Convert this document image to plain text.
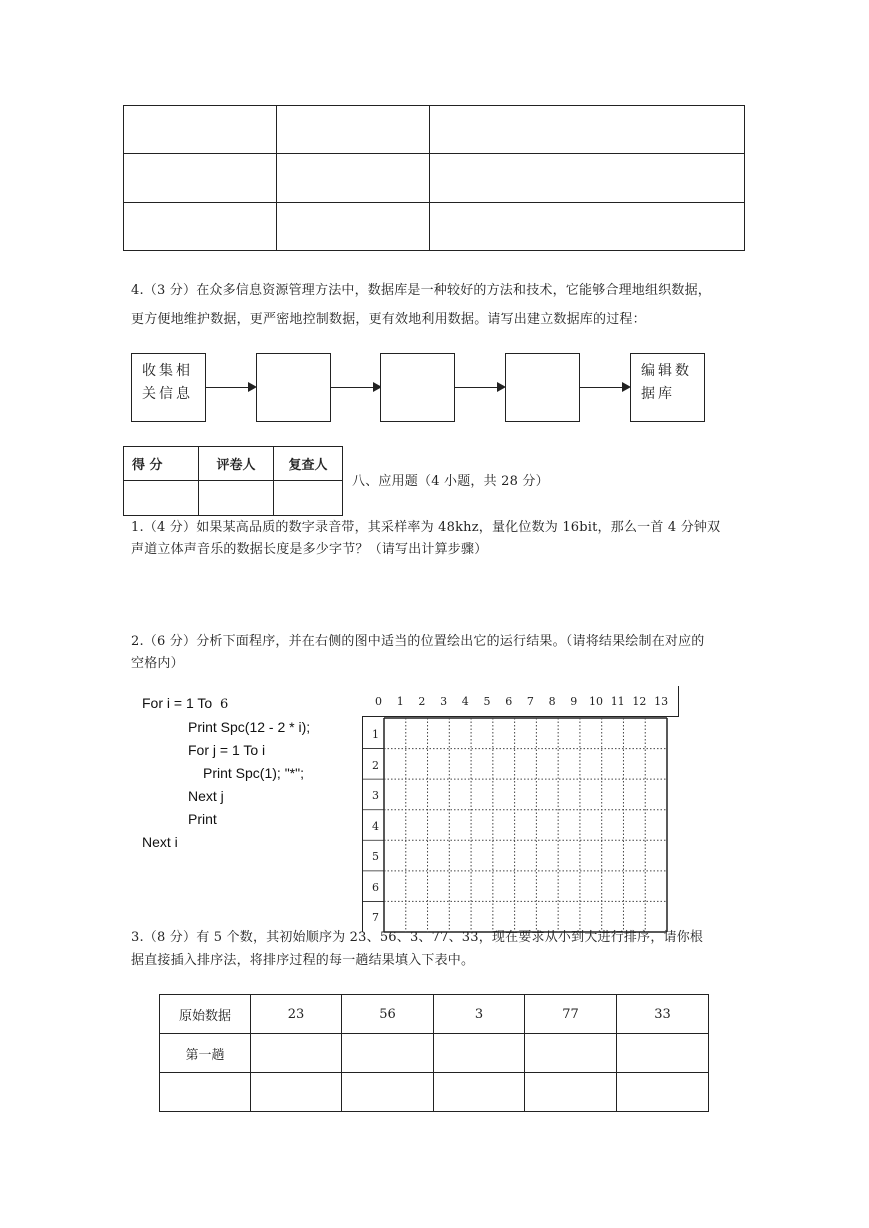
4.（3 分）在众多信息资源管理方法中，数据库是一种较好的方法和技术，它能够合理地组织数据，
更方便地维护数据，更严密地控制数据，更有效地利用数据。请写出建立数据库的过程：
收集相关信息
编辑数据库
得 分	评卷人	复查人

八、应用题（4 小题，共 28 分）
1.（4 分）如果某高品质的数字录音带，其采样率为 48khz，量化位数为 16bit，那么一首 4 分钟双
声道立体声音乐的数据长度是多少字节？（请写出计算步骤）
2.（6 分）分析下面程序，并在右侧的图中适当的位置绘出它的运行结果。（请将结果绘制在对应的
空格内）
For i = 1 To 6
Print Spc(12 - 2 * i);
For j = 1 To i
Print Spc(1); "*";
Next j
Print
Next i
0 1 2 3 4 5 6 7 8 9 10 11 12 13
1
2
3
4
5
6
7
3.（8 分）有 5 个数，其初始顺序为 23、56、3、77、33，现在要求从小到大进行排序，请你根
据直接插入排序法，将排序过程的每一趟结果填入下表中。
原始数据	23	56	3	77	33
第一趟					
